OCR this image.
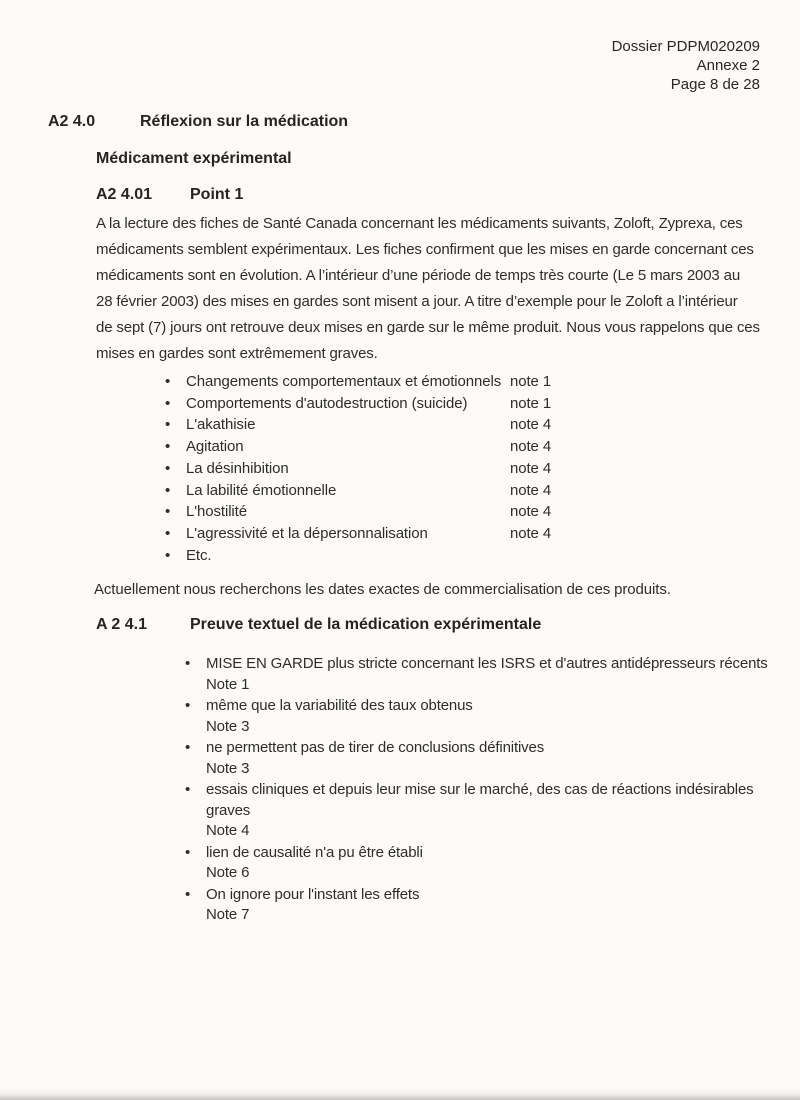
Dossier PDPM020209
Annexe 2
Page 8 de 28
A2 4.0	Réflexion sur la médication
Médicament expérimental
A2 4.01 Point 1
A la lecture des fiches de Santé Canada concernant les médicaments suivants, Zoloft, Zyprexa, ces
médicaments semblent expérimentaux. Les fiches confirment que les mises en garde concernant ces
médicaments sont en évolution. A l’intérieur d’une période de temps très courte (Le 5 mars 2003 au
28 février 2003) des mises en gardes sont misent a jour. A titre d’exemple pour le Zoloft a l’intérieur
de sept (7) jours ont retrouve deux mises en garde sur le même produit. Nous vous rappelons que ces
mises en gardes sont extrêmement graves.
•
Changements comportementaux et émotionnels note 1
•
Comportements d'autodestruction (suicide)	note 1
•
L'akathisie	note 4
•
Agitation	note 4
•
La désinhibition	note 4
•
La labilité émotionnelle	note 4
•
L'hostilité	note 4
•
L'agressivité et la dépersonnalisation	note 4
•
Etc.
Actuellement nous recherchons les dates exactes de commercialisation de ces produits.
A 2 4.1	Preuve textuel de la médication expérimentale
•
MISE EN GARDE plus stricte concernant les ISRS et d'autres antidépresseurs récents
Note 1
•
même que la variabilité des taux obtenus
Note 3
•
ne permettent pas de tirer de conclusions définitives
Note 3
•
essais cliniques et depuis leur mise sur le marché, des cas de réactions indésirables
graves
Note 4
•
lien de causalité n'a pu être établi
Note 6
•
On ignore pour l'instant les effets
Note 7
